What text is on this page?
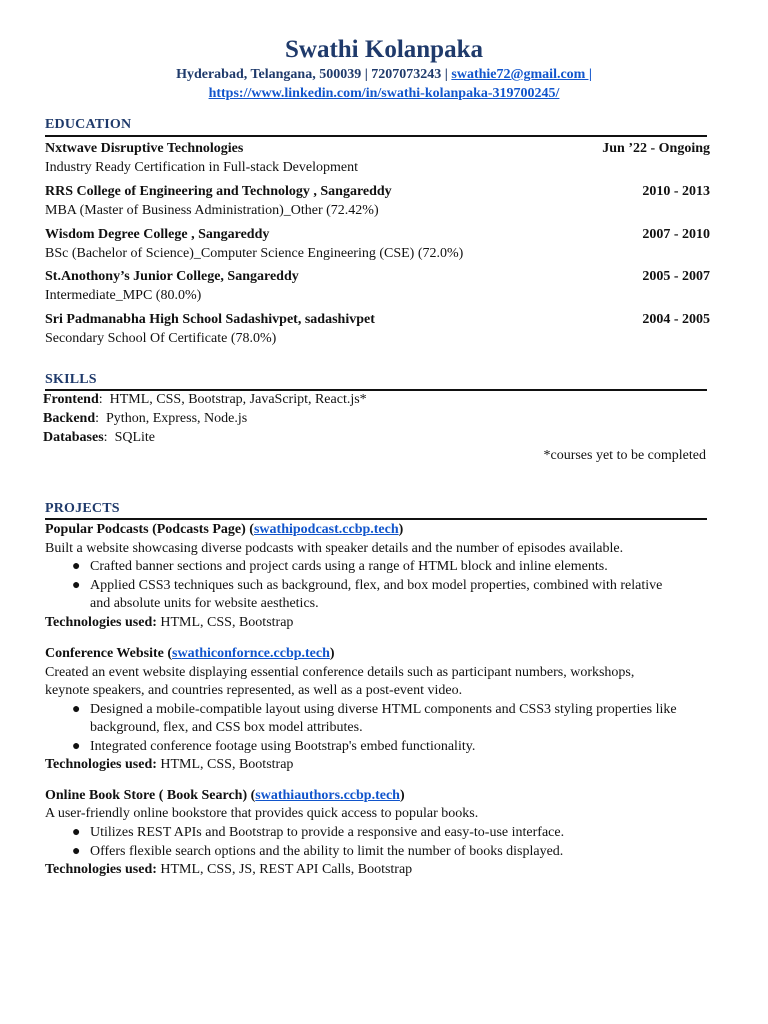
Swathi Kolanpaka
Hyderabad, Telangana, 500039 | 7207073243 | swathie72@gmail.com |
https://www.linkedin.com/in/swathi-kolanpaka-319700245/
EDUCATION
Nxtwave Disruptive Technologies	Jun ’22 - Ongoing
Industry Ready Certification in Full-stack Development
RRS College of Engineering and Technology , Sangareddy	2010 - 2013
MBA (Master of Business Administration)_Other (72.42%)
Wisdom Degree College , Sangareddy	2007 - 2010
BSc (Bachelor of Science)_Computer Science Engineering (CSE) (72.0%)
St.Anothony’s Junior College, Sangareddy	2005 - 2007
Intermediate_MPC (80.0%)
Sri Padmanabha High School Sadashivpet, sadashivpet	2004 - 2005
Secondary School Of Certificate (78.0%)
SKILLS
Frontend:  HTML, CSS, Bootstrap, JavaScript, React.js*
Backend:  Python, Express, Node.js
Databases:  SQLite
*courses yet to be completed
PROJECTS
Popular Podcasts (Podcasts Page) (swathipodcast.ccbp.tech)
Built a website showcasing diverse podcasts with speaker details and the number of episodes available.
● Crafted banner sections and project cards using a range of HTML block and inline elements.
● Applied CSS3 techniques such as background, flex, and box model properties, combined with relative
and absolute units for website aesthetics.
Technologies used: HTML, CSS, Bootstrap
Conference Website (swathiconfornce.ccbp.tech)
Created an event website displaying essential conference details such as participant numbers, workshops,
keynote speakers, and countries represented, as well as a post-event video.
● Designed a mobile-compatible layout using diverse HTML components and CSS3 styling properties like
background, flex, and CSS box model attributes.
● Integrated conference footage using Bootstrap's embed functionality.
Technologies used: HTML, CSS, Bootstrap
Online Book Store ( Book Search) (swathiauthors.ccbp.tech)
A user-friendly online bookstore that provides quick access to popular books.
● Utilizes REST APIs and Bootstrap to provide a responsive and easy-to-use interface.
● Offers flexible search options and the ability to limit the number of books displayed.
Technologies used: HTML, CSS, JS, REST API Calls, Bootstrap
